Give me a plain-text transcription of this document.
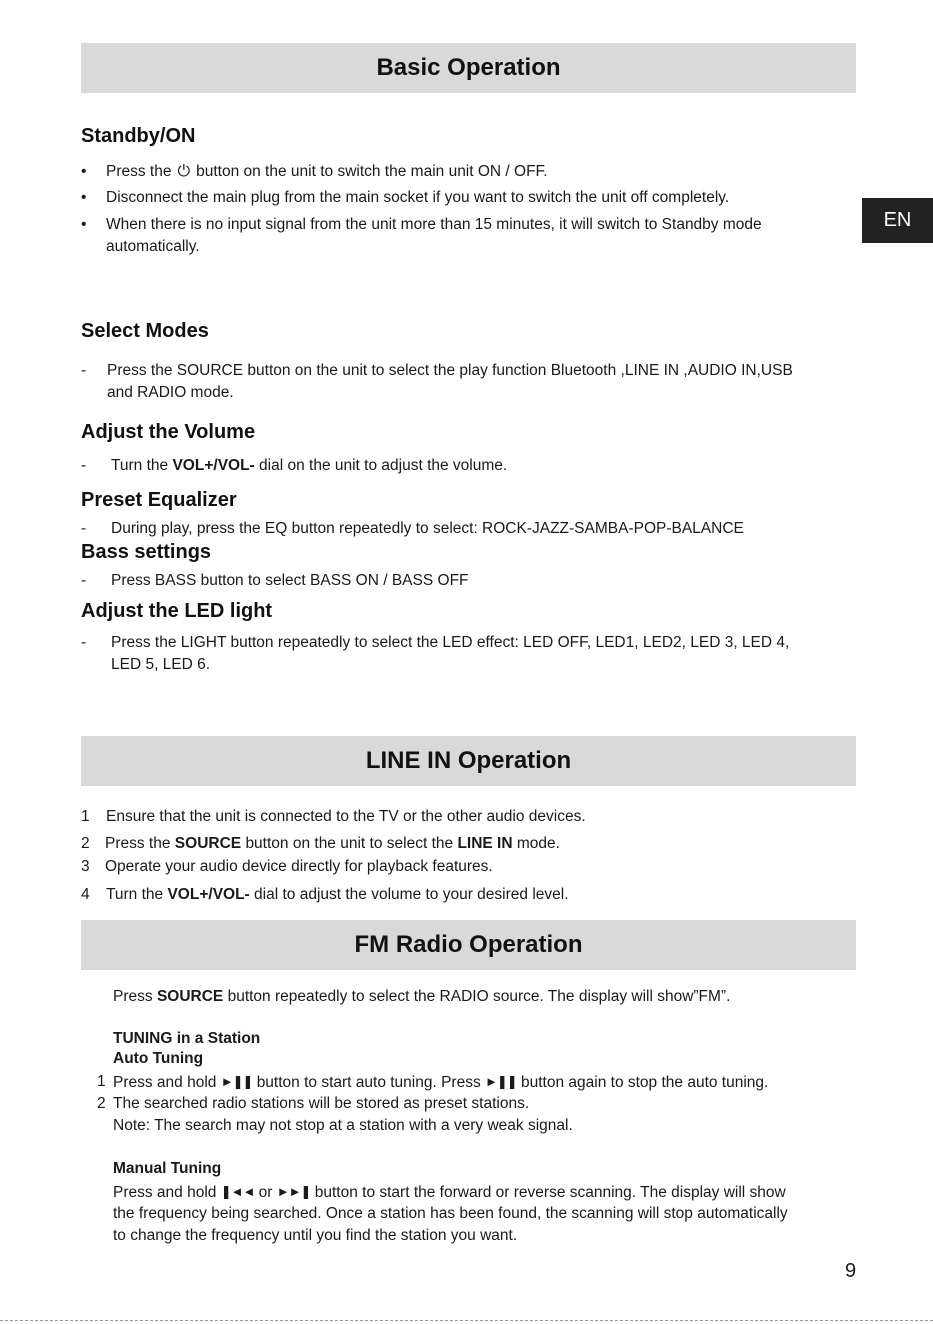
EN
Basic Operation
Standby/ON
• Press the ⏻ button on the unit to switch the main unit ON / OFF.
• Disconnect the main plug from the main socket if you want to switch the unit off completely.
• When there is no input signal from the unit more than 15 minutes, it will switch to Standby mode
automatically.
Select Modes
- Press the SOURCE button on the unit to select the play function Bluetooth ,LINE IN ,AUDIO IN,USB
and RADIO mode.
Adjust the Volume
- Turn the VOL+/VOL- dial on the unit to adjust the volume.
Preset Equalizer
- During play, press the EQ button repeatedly to select: ROCK-JAZZ-SAMBA-POP-BALANCE
Bass settings
- Press BASS button to select BASS ON / BASS OFF
Adjust the LED light
- Press the LIGHT button repeatedly to select the LED effect: LED OFF, LED1, LED2, LED 3, LED 4,
LED 5, LED 6.
LINE IN Operation
1 Ensure that the unit is connected to the TV or the other audio devices.
2 Press the SOURCE button on the unit to select the LINE IN mode.
3 Operate your audio device directly for playback features.
4 Turn the VOL+/VOL- dial to adjust the volume to your desired level.
FM Radio Operation
Press SOURCE button repeatedly to select the RADIO source. The display will show”FM”.
TUNING in a Station
Auto Tuning
1 Press and hold ►❚❚ button to start auto tuning. Press ►❚❚ button again to stop the auto tuning.
2 The searched radio stations will be stored as preset stations.
Note: The search may not stop at a station with a very weak signal.
Manual Tuning
Press and hold ❚◄◄ or ►►❚ button to start the forward or reverse scanning. The display will show
the frequency being searched. Once a station has been found, the scanning will stop automatically
to change the frequency until you find the station you want.
9
